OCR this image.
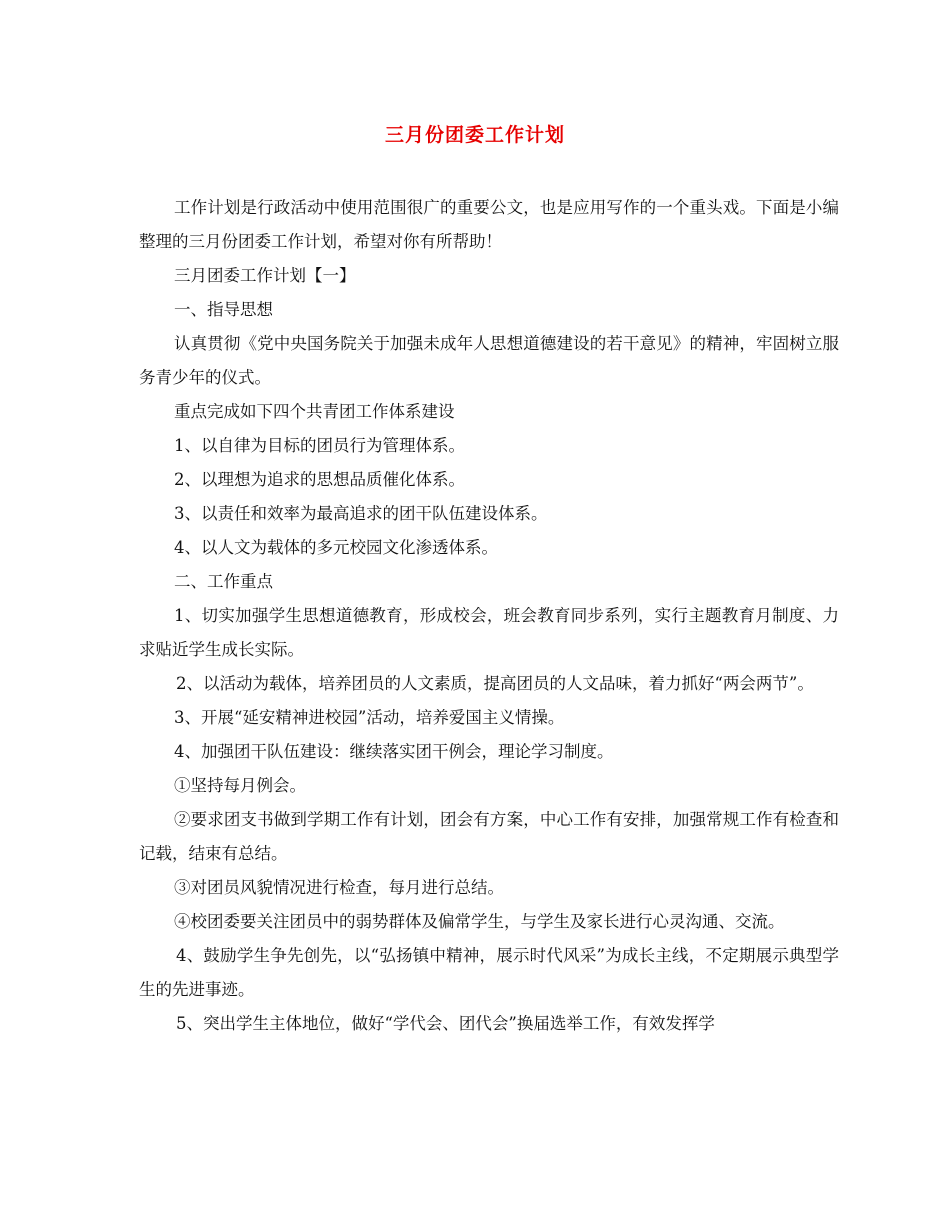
三月份团委工作计划

工作计划是行政活动中使用范围很广的重要公文，也是应用写作的一个重头戏。下面是小编整理的三月份团委工作计划，希望对你有所帮助！

三月团委工作计划【一】

一、指导思想

认真贯彻《党中央国务院关于加强未成年人思想道德建设的若干意见》的精神，牢固树立服务青少年的仪式。

重点完成如下四个共青团工作体系建设

1、以自律为目标的团员行为管理体系。

2、以理想为追求的思想品质催化体系。

3、以责任和效率为最高追求的团干队伍建设体系。

4、以人文为载体的多元校园文化渗透体系。

二、工作重点

1、切实加强学生思想道德教育，形成校会，班会教育同步系列，实行主题教育月制度、力求贴近学生成长实际。

2、以活动为载体，培养团员的人文素质，提高团员的人文品味，着力抓好“两会两节”。

3、开展“延安精神进校园”活动，培养爱国主义情操。

4、加强团干队伍建设：继续落实团干例会，理论学习制度。

①坚持每月例会。

②要求团支书做到学期工作有计划，团会有方案，中心工作有安排，加强常规工作有检查和记载，结束有总结。

③对团员风貌情况进行检查，每月进行总结。

④校团委要关注团员中的弱势群体及偏常学生，与学生及家长进行心灵沟通、交流。

4、鼓励学生争先创先，以“弘扬镇中精神，展示时代风采”为成长主线，不定期展示典型学生的先进事迹。

5、突出学生主体地位，做好“学代会、团代会”换届选举工作，有效发挥学
